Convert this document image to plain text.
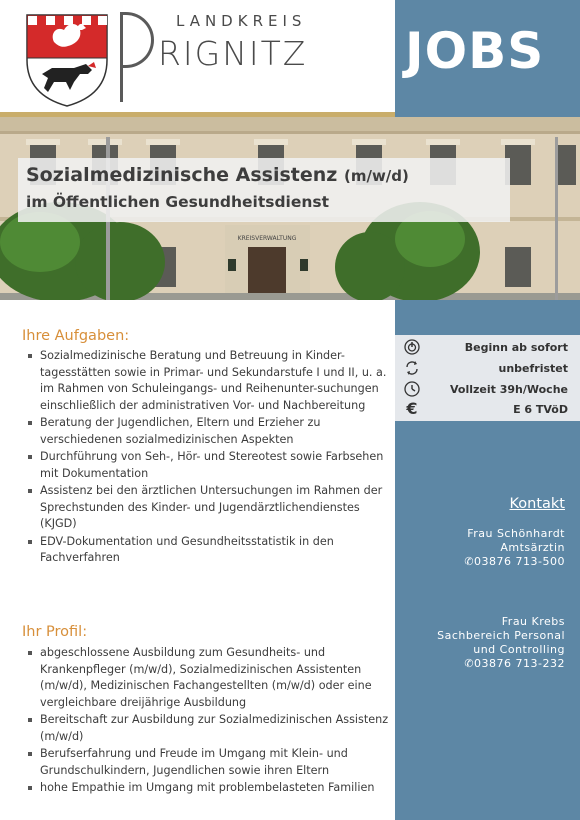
LANDKREIS
RIGNITZ JOBS
KREISVERWALTUNG
Sozialmedizinische Assistenz (m/w/d)
im Öffentlichen Gesundheitsdienst
Ihre Aufgaben:
Sozialmedizinische Beratung und Betreuung in Kinder-tagesstätten sowie in Primar- und Sekundarstufe I und II, u. a. im Rahmen von Schuleingangs- und Reihenunter-suchungen einschließlich der administrativen Vor- und Nachbereitung
Beratung der Jugendlichen, Eltern und Erzieher zu verschiedenen sozialmedizinischen Aspekten
Durchführung von Seh-, Hör- und Stereotest sowie Farbsehen mit Dokumentation
Assistenz bei den ärztlichen Untersuchungen im Rahmen der Sprechstunden des Kinder- und Jugendärztlichendienstes (KJGD)
EDV-Dokumentation und Gesundheitsstatistik in den Fachverfahren
Ihr Profil:
abgeschlossene Ausbildung zum Gesundheits- und Krankenpfleger (m/w/d), Sozialmedizinischen Assistenten (m/w/d), Medizinischen Fachangestellten (m/w/d) oder eine vergleichbare dreijährige Ausbildung
Bereitschaft zur Ausbildung zur Sozialmedizinischen Assistenz (m/w/d)
Berufserfahrung und Freude im Umgang mit Klein- und Grundschulkindern, Jugendlichen sowie ihren Eltern
hohe Empathie im Umgang mit problembelasteten Familien
Beginn ab sofort
unbefristet
Vollzeit 39h/Woche
€	E 6 TVöD
Kontakt
Frau Schönhardt
Amtsärztin
✆03876 713-500
Frau Krebs
Sachbereich Personal
und Controlling
✆03876 713-232
